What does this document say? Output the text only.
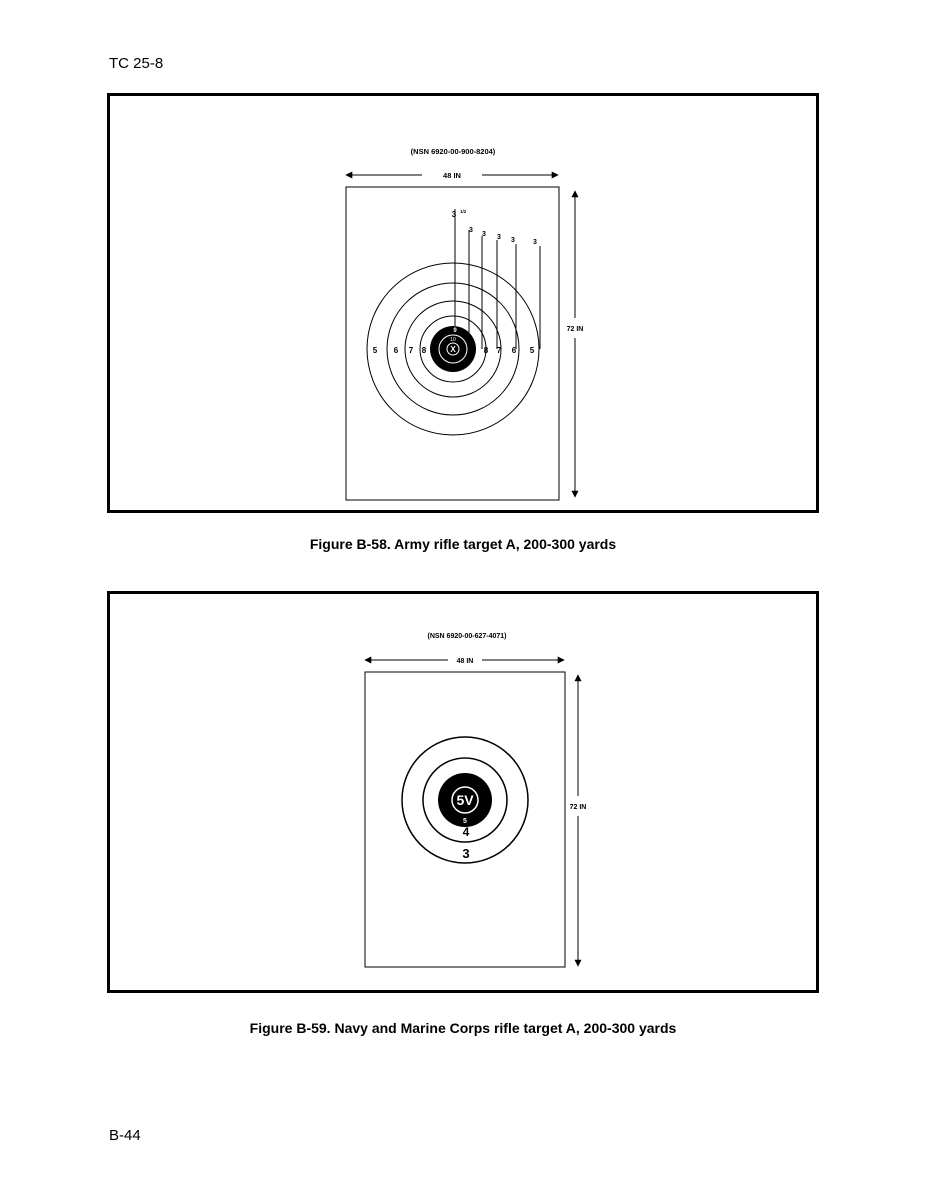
TC 25-8
(NSN 6920-00-900-8204)
48 IN
72 IN
X
9
10
5 6 7 8	8 7 6 5
3 1/2
3
3 3 3	3
Figure B-58. Army rifle target A, 200-300 yards
(NSN 6920-00-627-4071)
48 IN
72 IN
5V
5
4
3
Figure B-59. Navy and Marine Corps rifle target A, 200-300 yards
B-44
